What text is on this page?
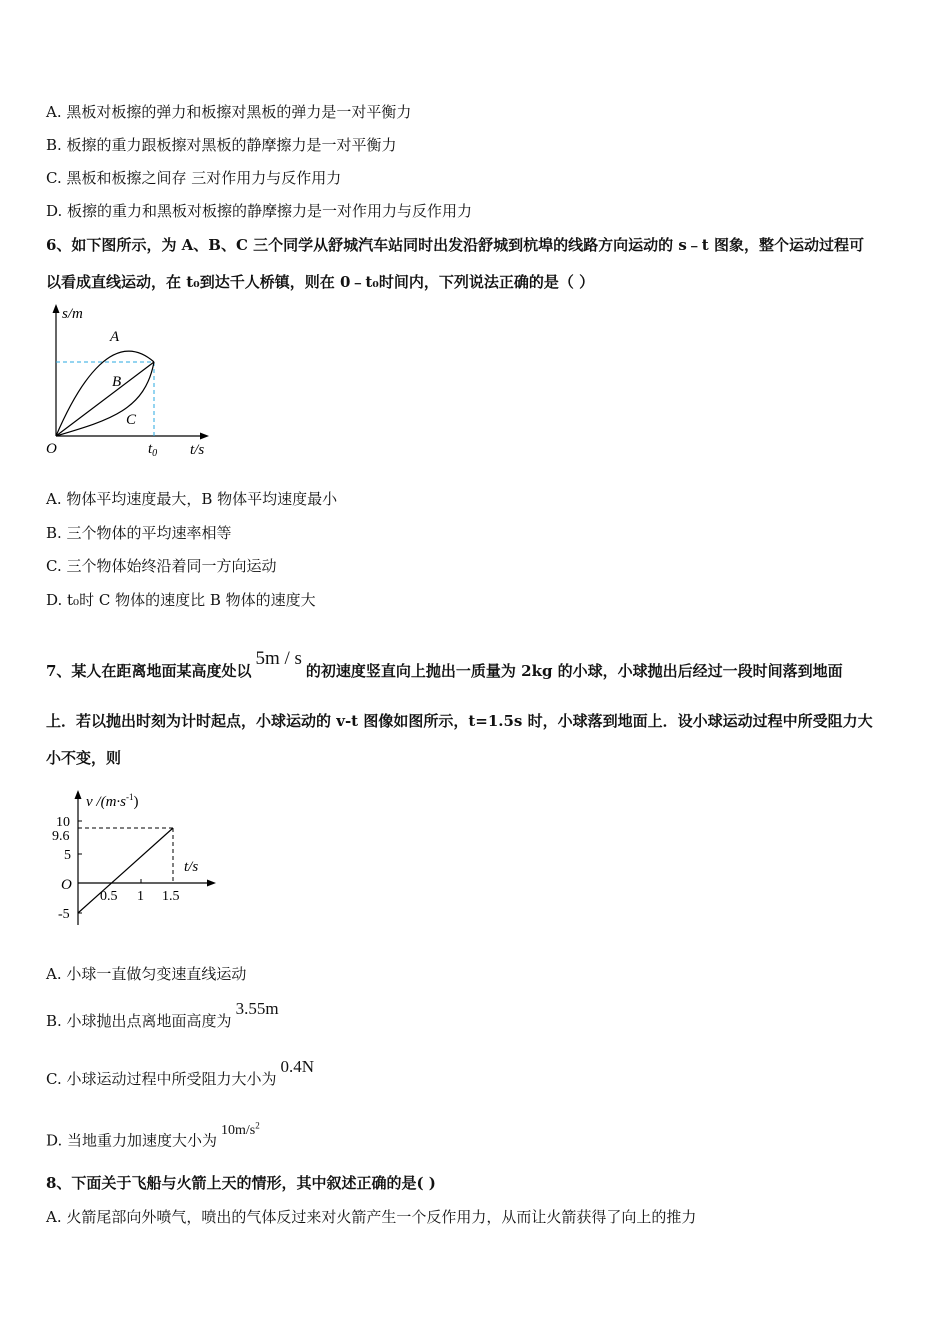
A. 黑板对板擦的弹力和板擦对黑板的弹力是一对平衡力
B. 板擦的重力跟板擦对黑板的静摩擦力是一对平衡力
C. 黑板和板擦之间存 三对作用力与反作用力
D. 板擦的重力和黑板对板擦的静摩擦力是一对作用力与反作用力
6、如下图所示，为 A、B、C 三个同学从舒城汽车站同时出发沿舒城到杭埠的线路方向运动的 s﹣t 图象，整个运动过程可
以看成直线运动，在 t₀到达千人桥镇，则在 0﹣t₀时间内，下列说法正确的是（ ）
s/m
t/s
O	$t_0$
A
B
C
A. 物体平均速度最大，B 物体平均速度最小
B. 三个物体的平均速率相等
C. 三个物体始终沿着同一方向运动
D. t₀时 C 物体的速度比 B 物体的速度大
7、某人在距离地面某高度处以5m / s的初速度竖直向上抛出一质量为 2kg 的小球，小球抛出后经过一段时间落到地面
上．若以抛出时刻为计时起点，小球运动的 v-t 图像如图所示，t=1.5s 时，小球落到地面上．设小球运动过程中所受阻力大
小不变，则
v $/(m\cdot s^{-1})$
t/s
O
10
9.6
5
-5
0.5 1 1.5
A. 小球一直做匀变速直线运动
B. 小球抛出点离地面高度为3.55m
C. 小球运动过程中所受阻力大小为0.4N
D. 当地重力加速度大小为$10m/s^2$
8、下面关于飞船与火箭上天的情形，其中叙述正确的是( )
A. 火箭尾部向外喷气，喷出的气体反过来对火箭产生一个反作用力，从而让火箭获得了向上的推力
